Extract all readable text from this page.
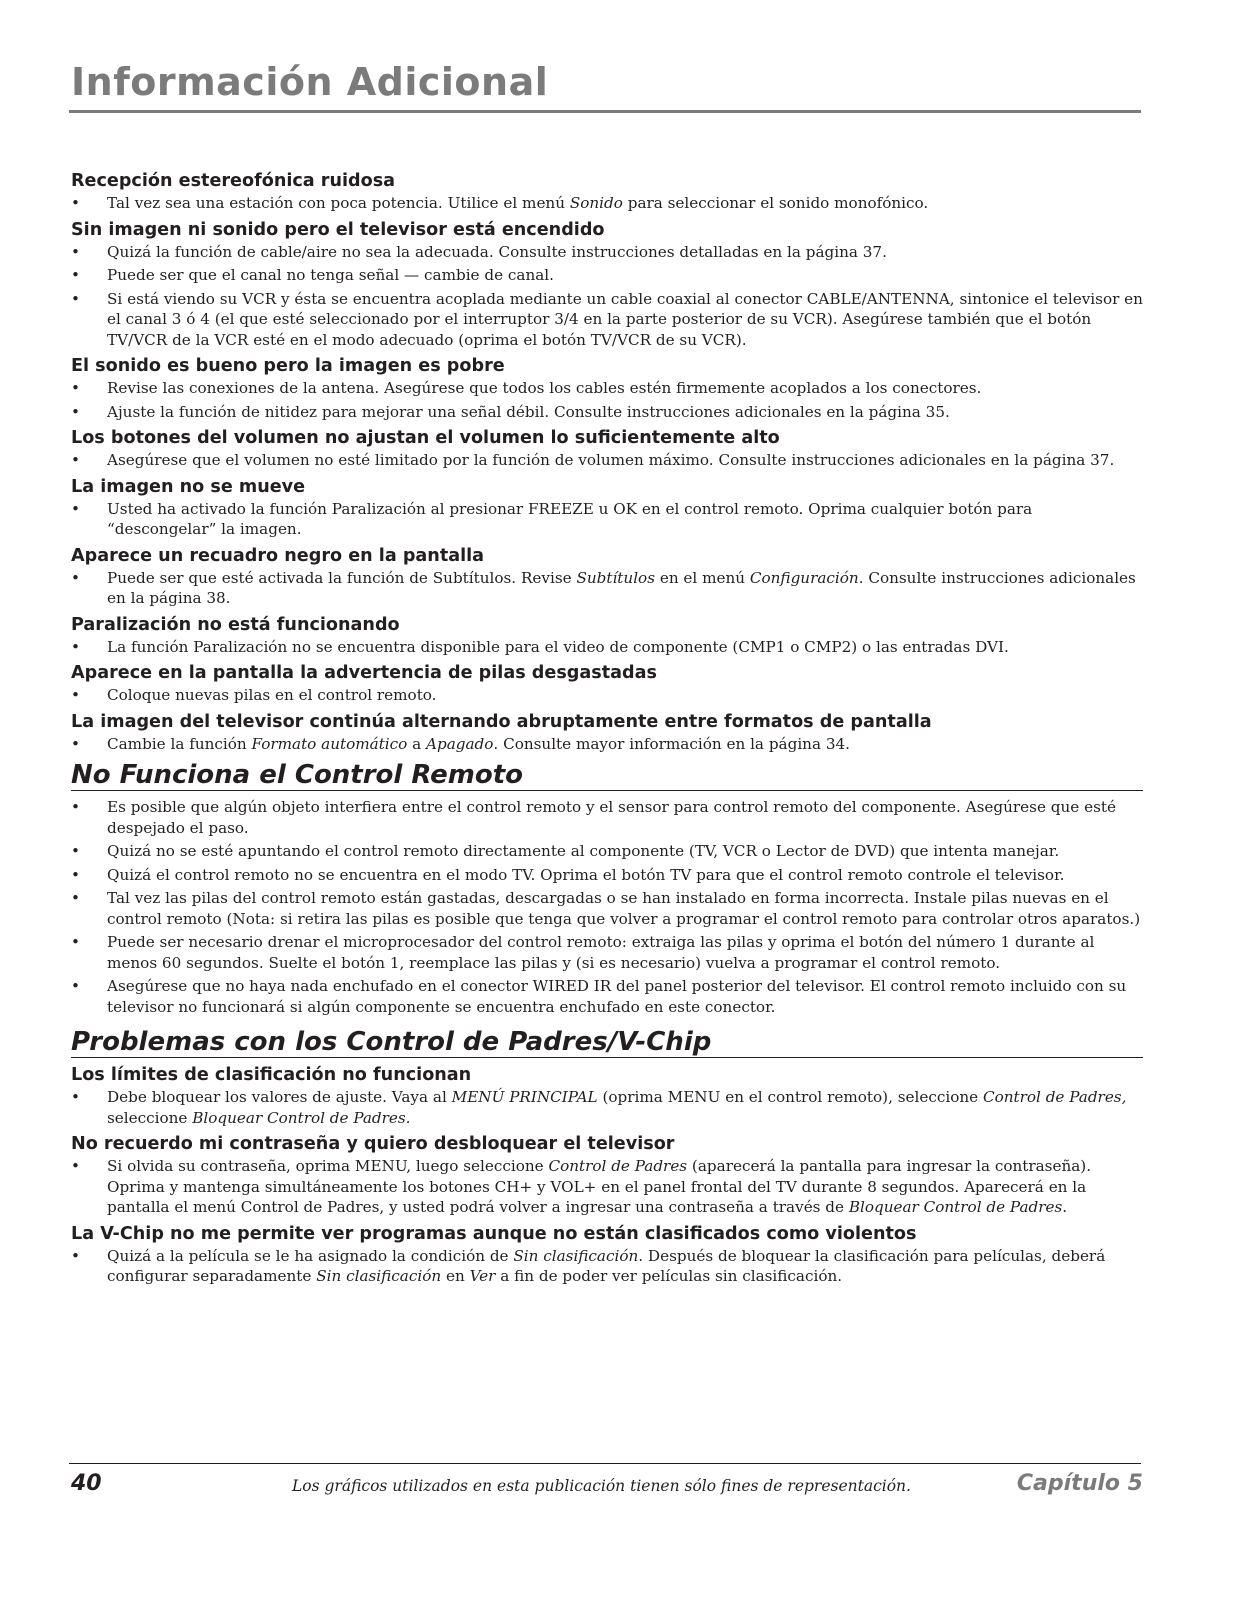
Información Adicional
Recepción estereofónica ruidosa
• Tal vez sea una estación con poca potencia. Utilice el menú Sonido para seleccionar el sonido monofónico.
Sin imagen ni sonido pero el televisor está encendido
• Quizá la función de cable/aire no sea la adecuada. Consulte instrucciones detalladas en la página 37.
• Puede ser que el canal no tenga señal — cambie de canal.
• Si está viendo su VCR y ésta se encuentra acoplada mediante un cable coaxial al conector CABLE/ANTENNA, sintonice el televisor en el canal 3 ó 4 (el que esté seleccionado por el interruptor 3/4 en la parte posterior de su VCR). Asegúrese también que el botón TV/VCR de la VCR esté en el modo adecuado (oprima el botón TV/VCR de su VCR).
El sonido es bueno pero la imagen es pobre
• Revise las conexiones de la antena. Asegúrese que todos los cables estén firmemente acoplados a los conectores.
• Ajuste la función de nitidez para mejorar una señal débil. Consulte instrucciones adicionales en la página 35.
Los botones del volumen no ajustan el volumen lo suficientemente alto
• Asegúrese que el volumen no esté limitado por la función de volumen máximo. Consulte instrucciones adicionales en la página 37.
La imagen no se mueve
• Usted ha activado la función Paralización al presionar FREEZE u OK en el control remoto. Oprima cualquier botón para “descongelar” la imagen.
Aparece un recuadro negro en la pantalla
• Puede ser que esté activada la función de Subtítulos. Revise Subtítulos en el menú Configuración. Consulte instrucciones adicionales en la página 38.
Paralización no está funcionando
• La función Paralización no se encuentra disponible para el video de componente (CMP1 o CMP2) o las entradas DVI.
Aparece en la pantalla la advertencia de pilas desgastadas
• Coloque nuevas pilas en el control remoto.
La imagen del televisor continúa alternando abruptamente entre formatos de pantalla
• Cambie la función Formato automático a Apagado. Consulte mayor información en la página 34.
No Funciona el Control Remoto
• Es posible que algún objeto interfiera entre el control remoto y el sensor para control remoto del componente. Asegúrese que esté despejado el paso.
• Quizá no se esté apuntando el control remoto directamente al componente (TV, VCR o Lector de DVD) que intenta manejar.
• Quizá el control remoto no se encuentra en el modo TV. Oprima el botón TV para que el control remoto controle el televisor.
• Tal vez las pilas del control remoto están gastadas, descargadas o se han instalado en forma incorrecta. Instale pilas nuevas en el control remoto (Nota: si retira las pilas es posible que tenga que volver a programar el control remoto para controlar otros aparatos.)
• Puede ser necesario drenar el microprocesador del control remoto: extraiga las pilas y oprima el botón del número 1 durante al menos 60 segundos. Suelte el botón 1, reemplace las pilas y (si es necesario) vuelva a programar el control remoto.
• Asegúrese que no haya nada enchufado en el conector WIRED IR del panel posterior del televisor. El control remoto incluido con su televisor no funcionará si algún componente se encuentra enchufado en este conector.
Problemas con los Control de Padres/V-Chip
Los límites de clasificación no funcionan
• Debe bloquear los valores de ajuste. Vaya al MENÚ PRINCIPAL (oprima MENU en el control remoto), seleccione Control de Padres, seleccione Bloquear Control de Padres.
No recuerdo mi contraseña y quiero desbloquear el televisor
• Si olvida su contraseña, oprima MENU, luego seleccione Control de Padres (aparecerá la pantalla para ingresar la contraseña). Oprima y mantenga simultáneamente los botones CH+ y VOL+ en el panel frontal del TV durante 8 segundos. Aparecerá en la pantalla el menú Control de Padres, y usted podrá volver a ingresar una contraseña a través de Bloquear Control de Padres.
La V-Chip no me permite ver programas aunque no están clasificados como violentos
• Quizá a la película se le ha asignado la condición de Sin clasificación. Después de bloquear la clasificación para películas, deberá configurar separadamente Sin clasificación en Ver a fin de poder ver películas sin clasificación.
40	Los gráficos utilizados en esta publicación tienen sólo fines de representación.	Capítulo 5
